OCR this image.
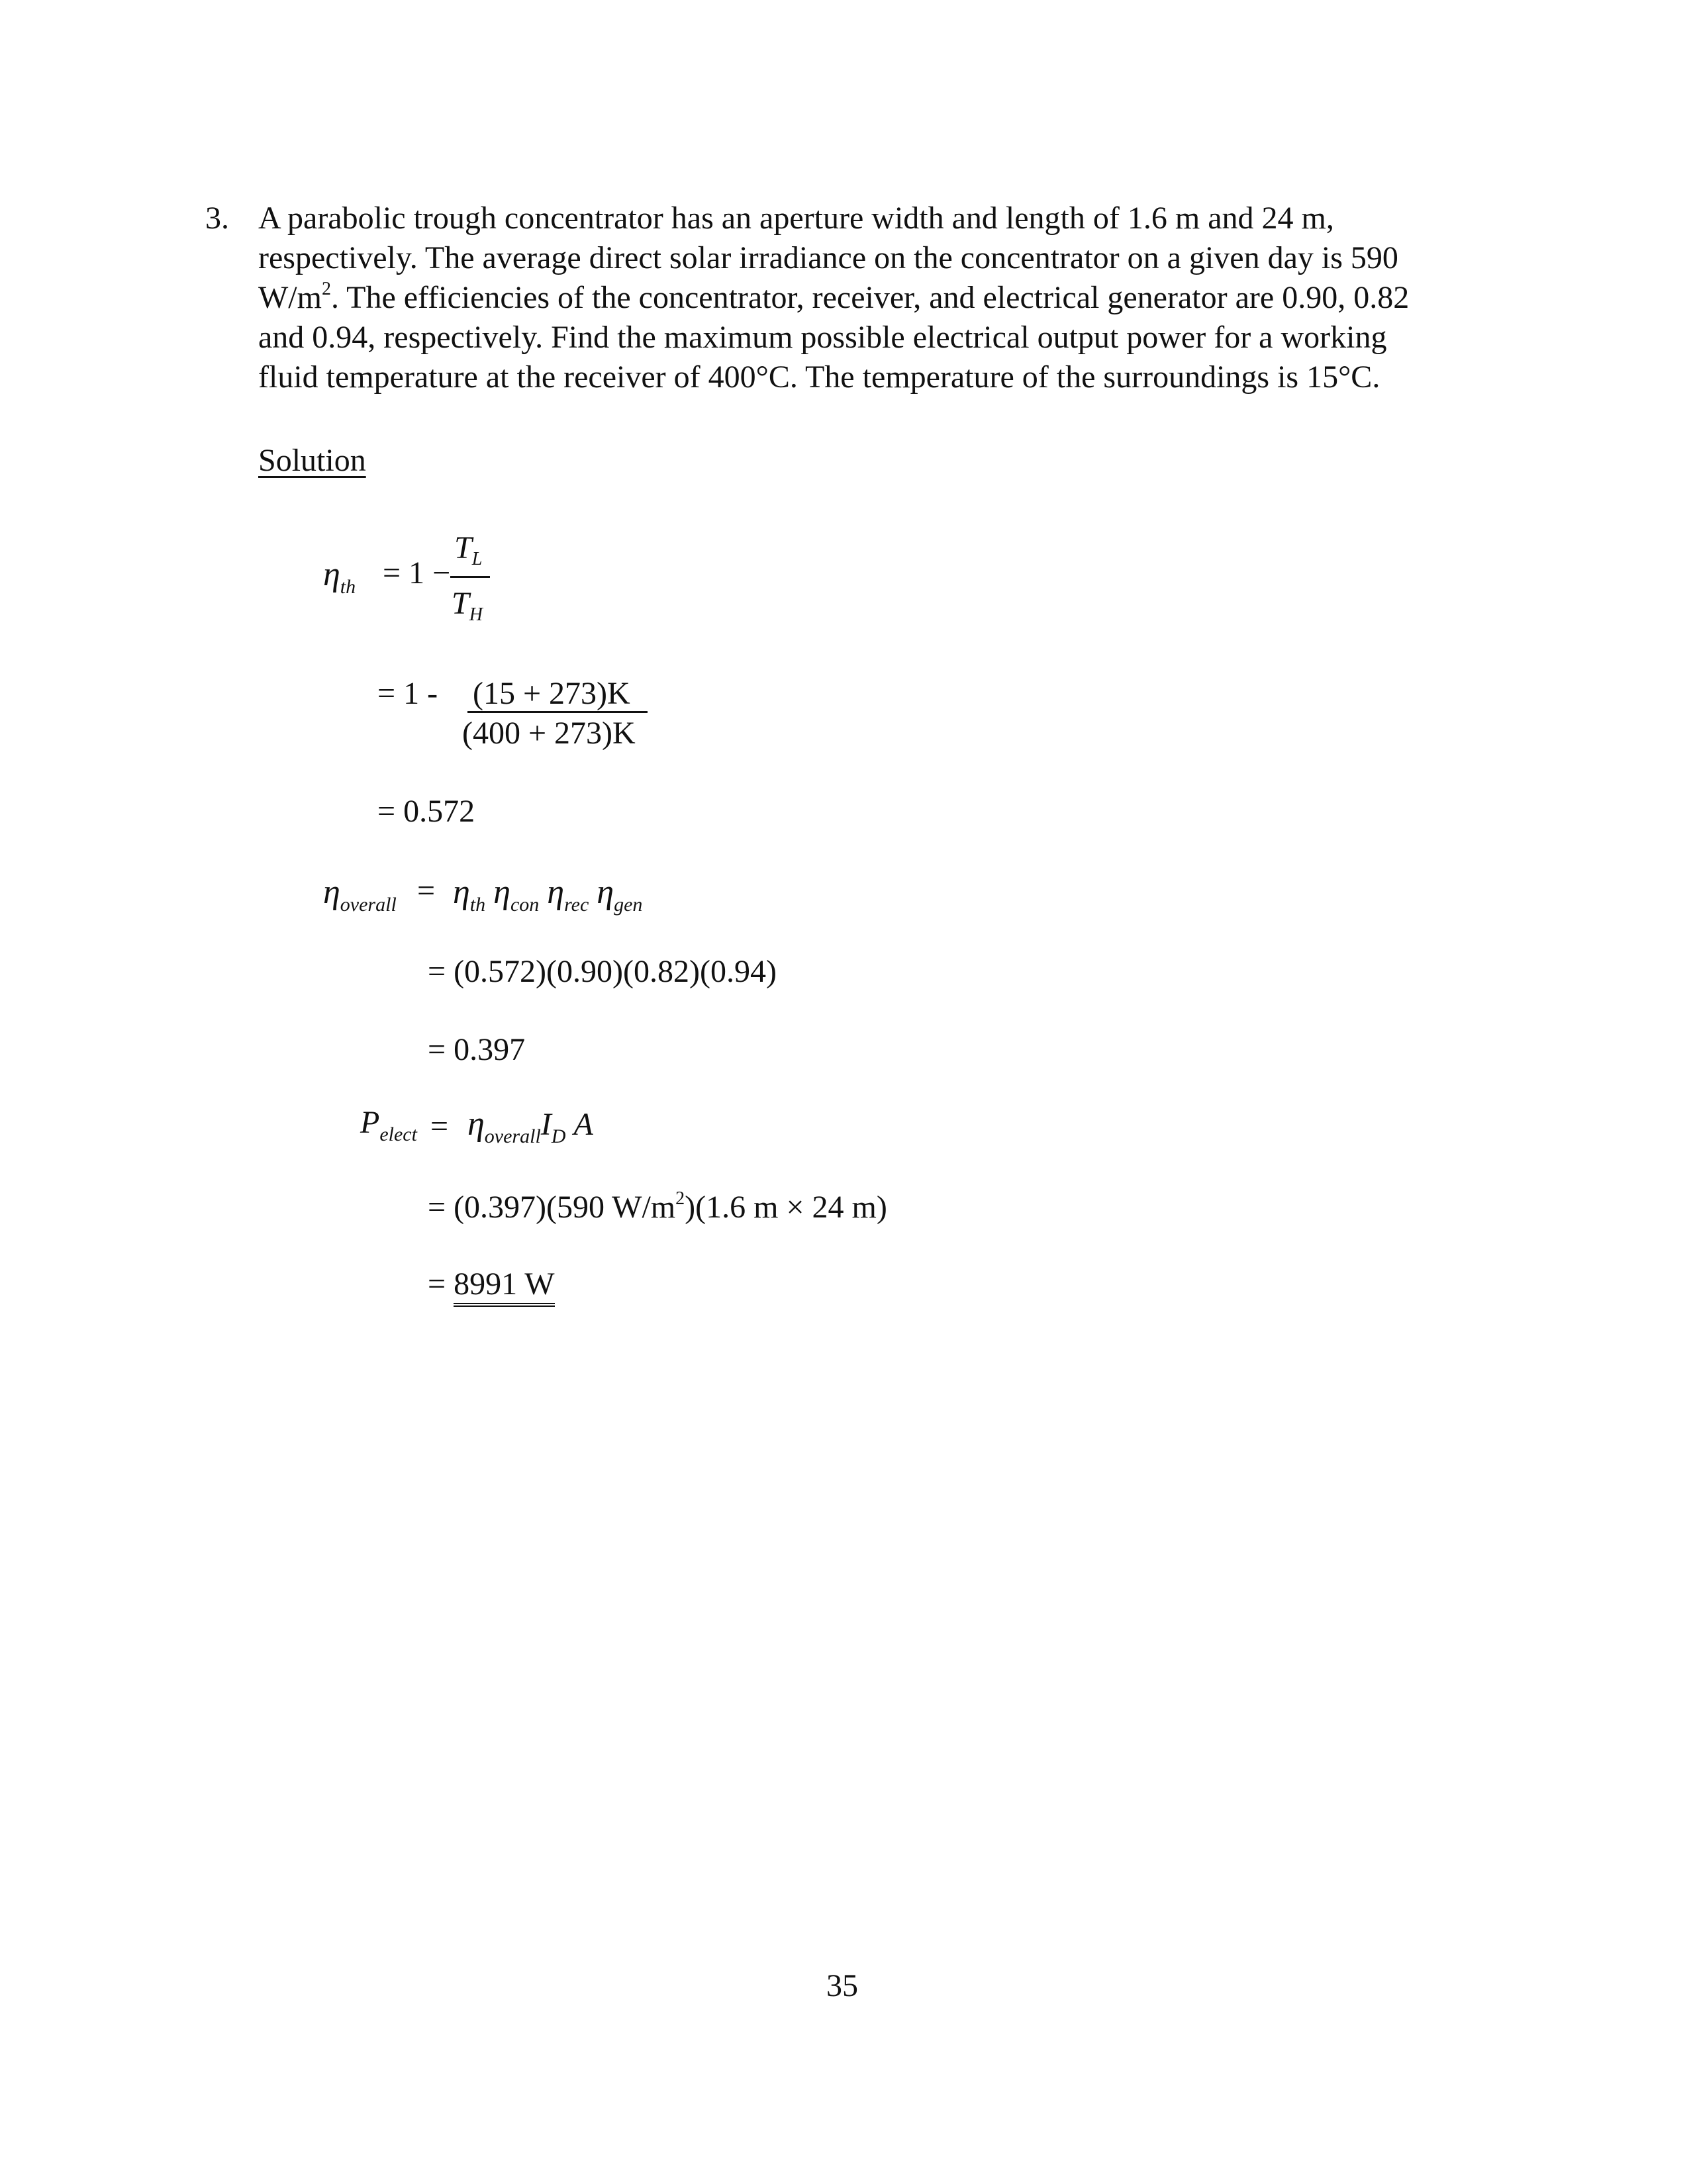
3. A parabolic trough concentrator has an aperture width and length of 1.6 m and 24 m,
respectively. The average direct solar irradiance on the concentrator on a given day is 590
$W/m^2$. The efficiencies of the concentrator, receiver, and electrical generator are 0.90, 0.82
and 0.94, respectively. Find the maximum possible electrical output power for a working
fluid temperature at the receiver of 400°C. The temperature of the surroundings is 15°C.
Solution
$\eta_{th} = 1$ −
$T_L$
$T_H$
= 1 - (15 + 273)K
(400 + 273)K
= 0.572
$\eta_{overall} = \eta_{th}$ $\eta_{con}$ $\eta_{rec}$ $\eta_{gen}$
= (0.572)(0.90)(0.82)(0.94)
= 0.397
$P_{elect} = \eta_{overall}I_D$ A
= (0.397)(590 $W/m^2)(1.6$ m × 24 m)
= 8991 W
35
